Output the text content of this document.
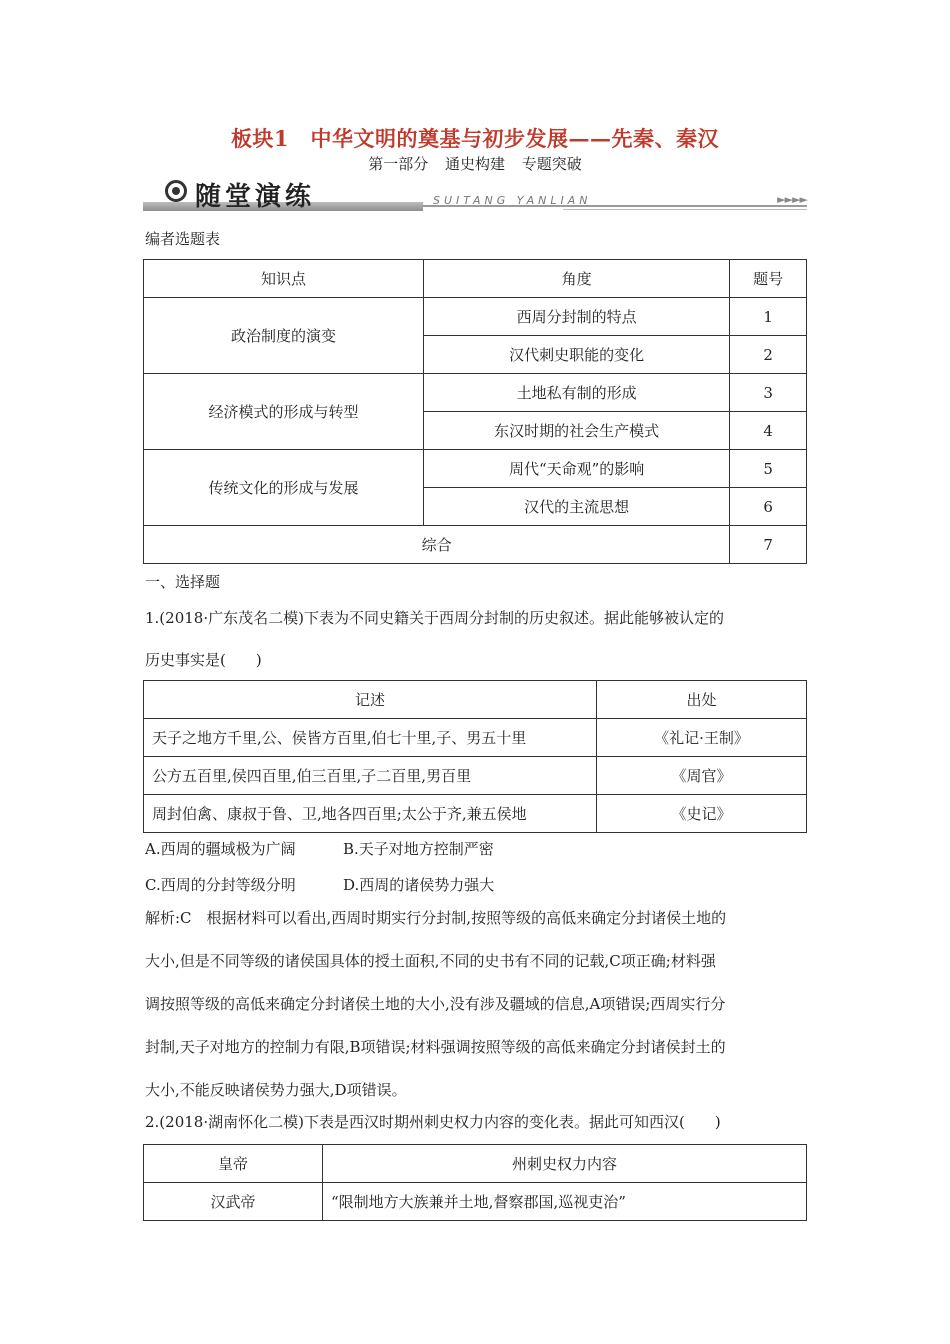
板块1　中华文明的奠基与初步发展——先秦、秦汉
第一部分 通史构建 专题突破
随堂演练	SUITANG YANLIAN	►►►►
编者选题表
知识点	角度	题号
政治制度的演变	西周分封制的特点	1
	汉代刺史职能的变化	2
经济模式的形成与转型	土地私有制的形成	3
	东汉时期的社会生产模式	4
传统文化的形成与发展	周代“天命观”的影响	5
	汉代的主流思想	6
综合		7
一、选择题
1.(2018·广东茂名二模)下表为不同史籍关于西周分封制的历史叙述。据此能够被认定的
历史事实是(　　)
记述	出处
天子之地方千里,公、侯皆方百里,伯七十里,子、男五十里	《礼记·王制》
公方五百里,侯四百里,伯三百里,子二百里,男百里	《周官》
周封伯禽、康叔于鲁、卫,地各四百里;太公于齐,兼五侯地	《史记》
A.西周的疆域极为广阔	B.天子对地方控制严密
C.西周的分封等级分明	D.西周的诸侯势力强大
解析:C　根据材料可以看出,西周时期实行分封制,按照等级的高低来确定分封诸侯土地的
大小,但是不同等级的诸侯国具体的授土面积,不同的史书有不同的记载,C项正确;材料强
调按照等级的高低来确定分封诸侯土地的大小,没有涉及疆域的信息,A项错误;西周实行分
封制,天子对地方的控制力有限,B项错误;材料强调按照等级的高低来确定分封诸侯封土的
大小,不能反映诸侯势力强大,D项错误。
2.(2018·湖南怀化二模)下表是西汉时期州刺史权力内容的变化表。据此可知西汉(　　)
皇帝	州刺史权力内容
汉武帝	“限制地方大族兼并土地,督察郡国,巡视吏治”
